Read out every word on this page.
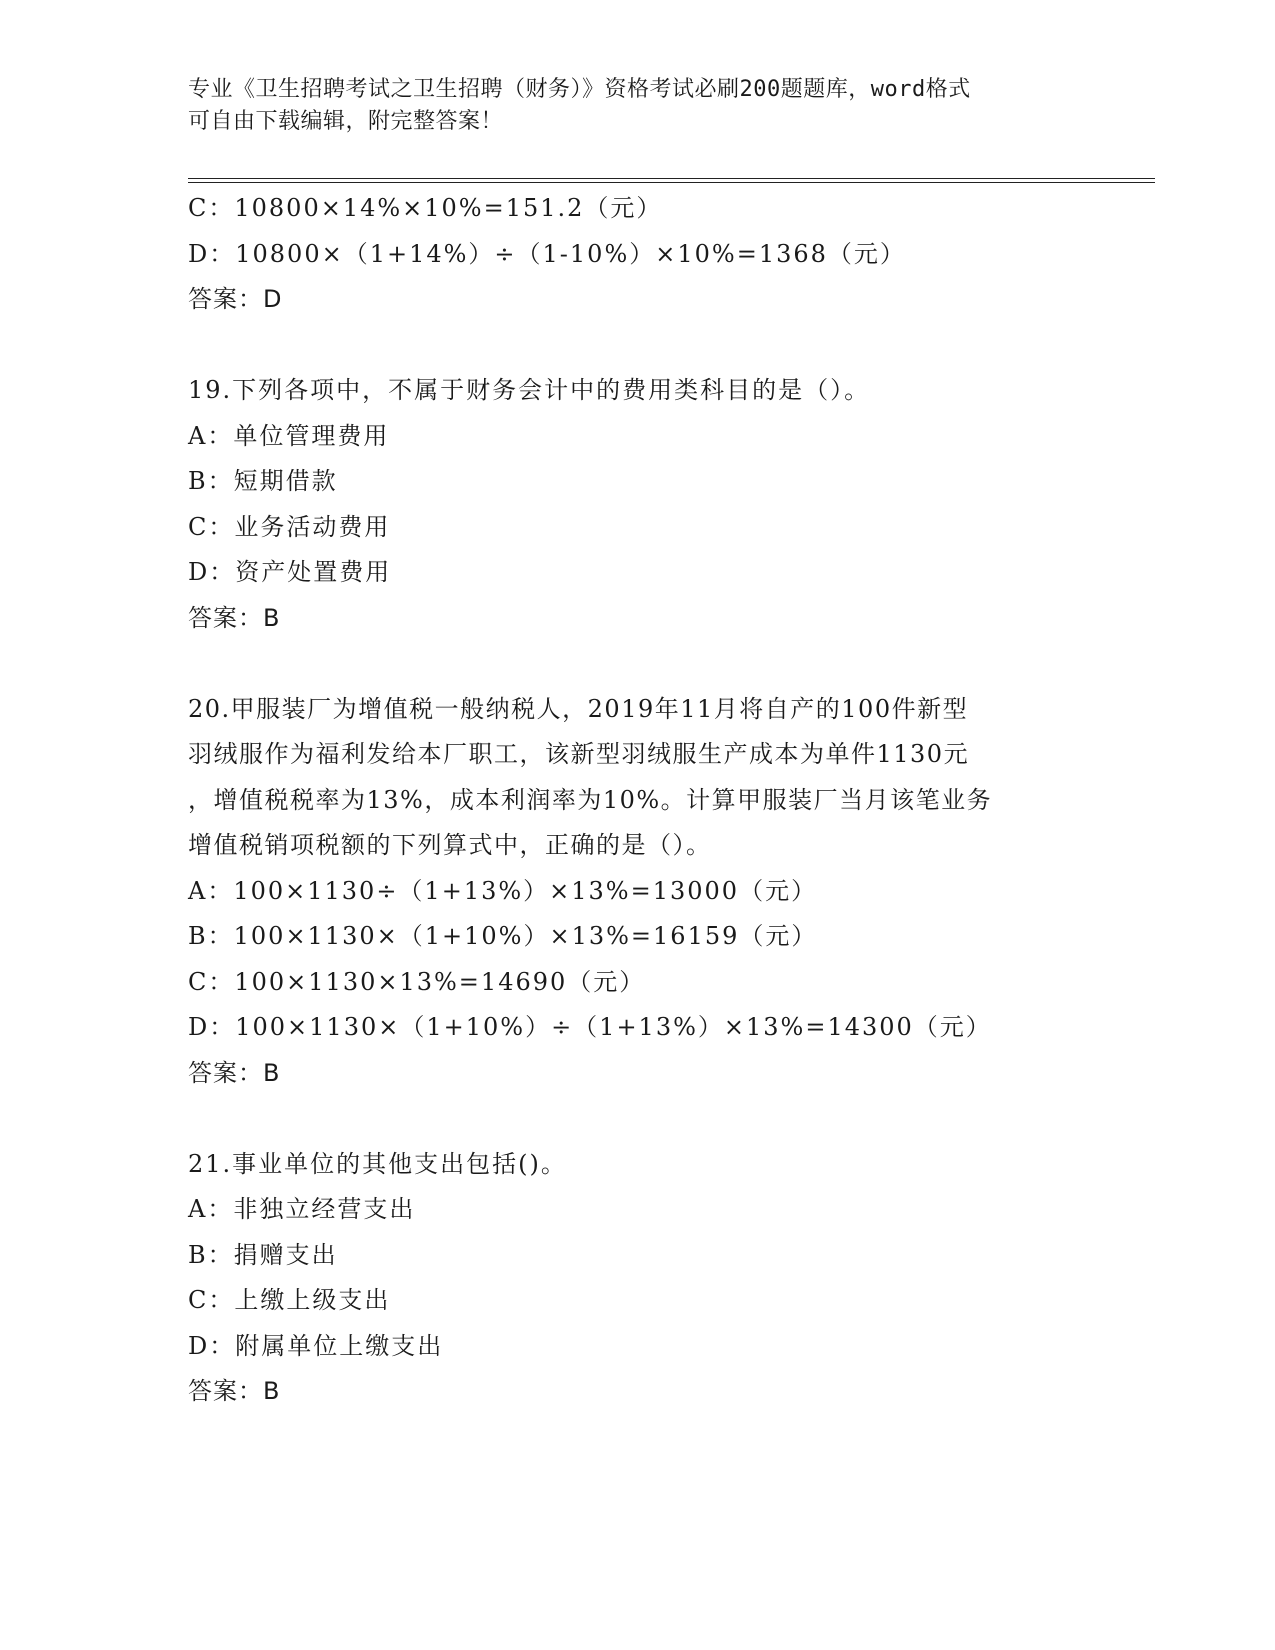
专业《卫生招聘考试之卫生招聘（财务）》资格考试必刷200题题库，word格式
可自由下载编辑，附完整答案！
C：10800×14%×10%=151.2（元）
D：10800×（1+14%）÷（1-10%）×10%=1368（元）
答案：D
19.下列各项中，不属于财务会计中的费用类科目的是（）。
A：单位管理费用
B：短期借款
C：业务活动费用
D：资产处置费用
答案：B
20.甲服装厂为增值税一般纳税人，2019年11月将自产的100件新型
羽绒服作为福利发给本厂职工，该新型羽绒服生产成本为单件1130元
，增值税税率为13%，成本利润率为10%。计算甲服装厂当月该笔业务
增值税销项税额的下列算式中，正确的是（）。
A：100×1130÷（1+13%）×13%=13000（元）
B：100×1130×（1+10%）×13%=16159（元）
C：100×1130×13%=14690（元）
D：100×1130×（1+10%）÷（1+13%）×13%=14300（元）
答案：B
21.事业单位的其他支出包括()。
A：非独立经营支出
B：捐赠支出
C：上缴上级支出
D：附属单位上缴支出
答案：B
